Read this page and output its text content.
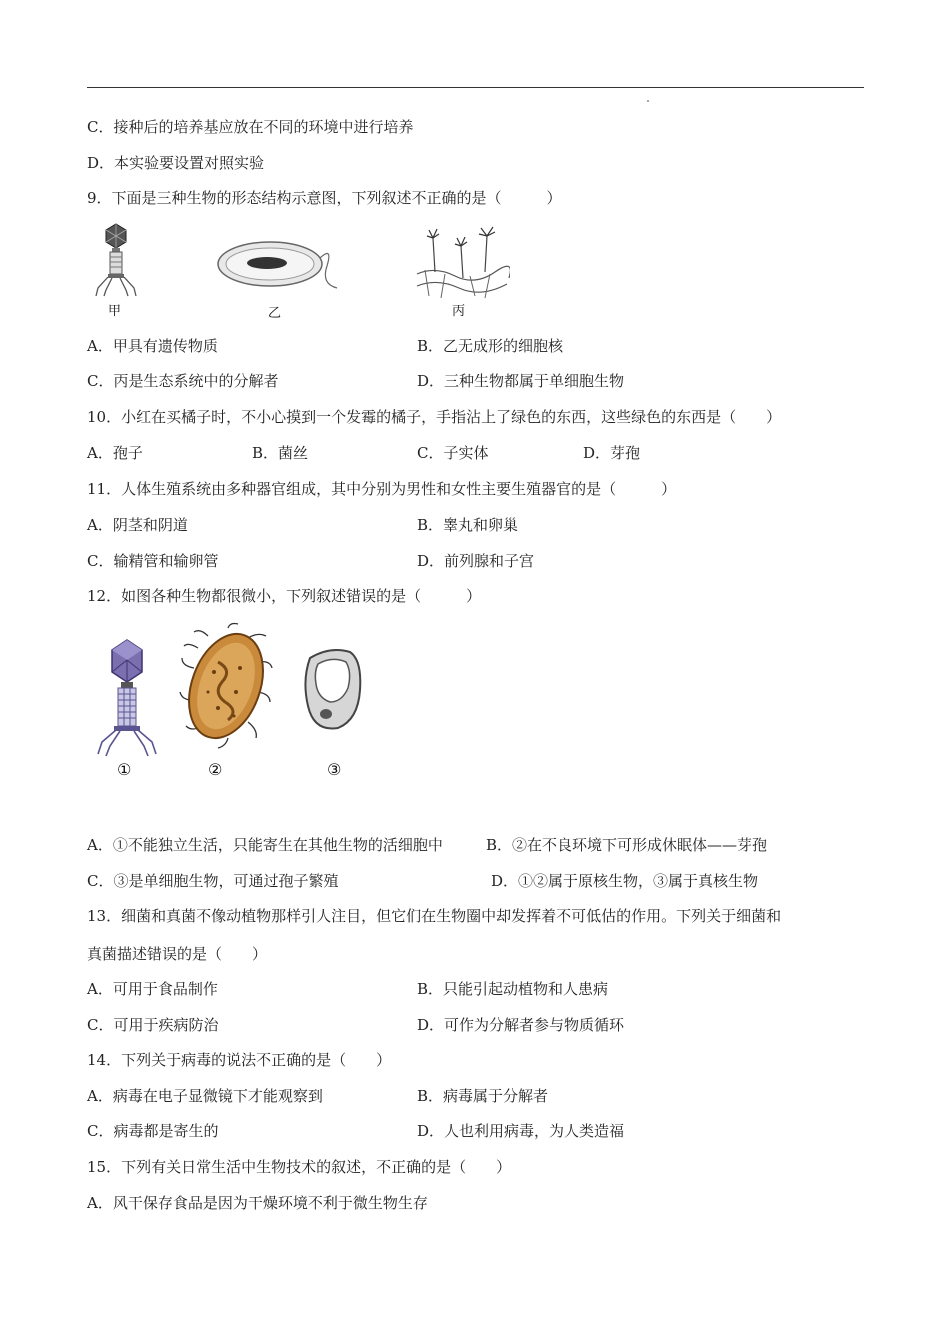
C．接种后的培养基应放在不同的环境中进行培养
D．本实验要设置对照实验
9．下面是三种生物的形态结构示意图，下列叙述不正确的是（　　　）
甲	乙	丙
A．甲具有遗传物质	B．乙无成形的细胞核
C．丙是生态系统中的分解者	D．三种生物都属于单细胞生物
10．小红在买橘子时，不小心摸到一个发霉的橘子，手指沾上了绿色的东西，这些绿色的东西是（　　）
A．孢子	B．菌丝	C．子实体	D．芽孢
11．人体生殖系统由多种器官组成，其中分别为男性和女性主要生殖器官的是（　　　）
A．阴茎和阴道	B．睾丸和卵巢
C．输精管和输卵管	D．前列腺和子宫
12．如图各种生物都很微小，下列叙述错误的是（　　　）
①	②	③
A．①不能独立生活，只能寄生在其他生物的活细胞中	B．②在不良环境下可形成休眠体——芽孢
C．③是单细胞生物，可通过孢子繁殖	D．①②属于原核生物，③属于真核生物
13．细菌和真菌不像动植物那样引人注目，但它们在生物圈中却发挥着不可低估的作用。下列关于细菌和
真菌描述错误的是（　　）
A．可用于食品制作	B．只能引起动植物和人患病
C．可用于疾病防治	D．可作为分解者参与物质循环
14．下列关于病毒的说法不正确的是（　　）
A．病毒在电子显微镜下才能观察到	B．病毒属于分解者
C．病毒都是寄生的	D．人也利用病毒，为人类造福
15．下列有关日常生活中生物技术的叙述，不正确的是（　　）
A．风干保存食品是因为干燥环境不利于微生物生存
